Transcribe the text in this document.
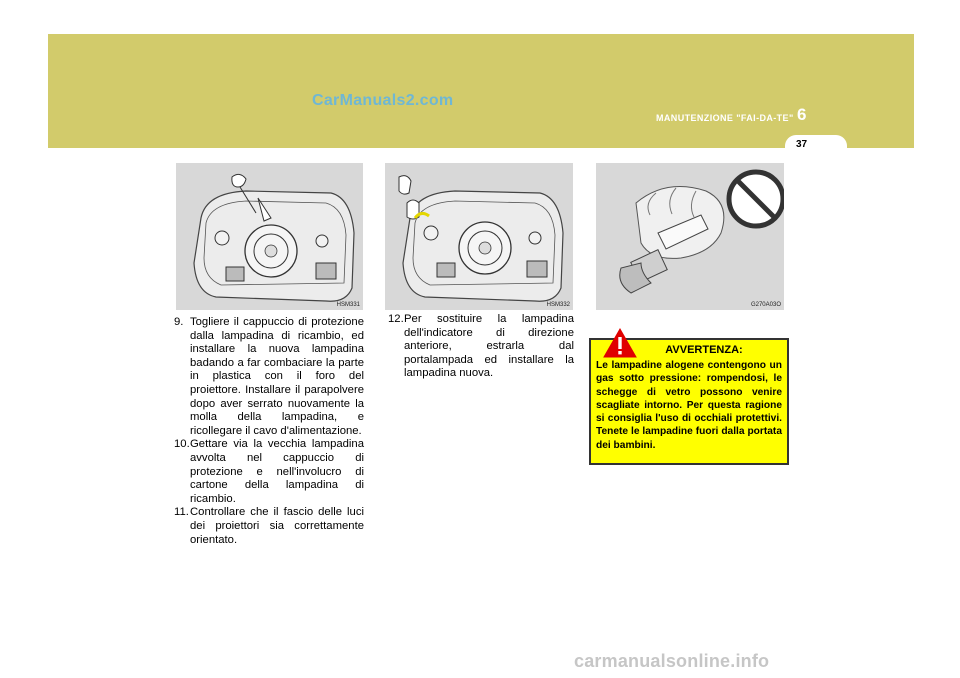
CarManuals2.com
6
MANUTENZIONE "FAI-DA-TE"
37
HSM331	HSM332	G270A03O
9. Togliere il cappuccio di protezione dalla lampadina di ricambio, ed installare la nuova lampadina badando a far combaciare la parte in plastica con il foro del proiettore. Installare il parapolvere dopo aver serrato nuovamente la molla della lampadina, e ricollegare il cavo d'alimentazione.
10. Gettare via la vecchia lampadina avvolta nel cappuccio di protezione e nell'involucro di cartone della lampadina di ricambio.
11. Controllare che il fascio delle luci dei proiettori sia correttamente orientato.
12. Per sostituire la lampadina dell'indicatore di direzione anteriore, estrarla dal portalampada ed installare la lampadina nuova.
AVVERTENZA:
Le lampadine alogene contengono un gas sotto pressione: rompendosi, le schegge di vetro possono venire scagliate intorno. Per questa ragione si consiglia l'uso di occhiali protettivi. Tenete le lampadine fuori dalla portata dei bambini.
carmanualsonline.info
